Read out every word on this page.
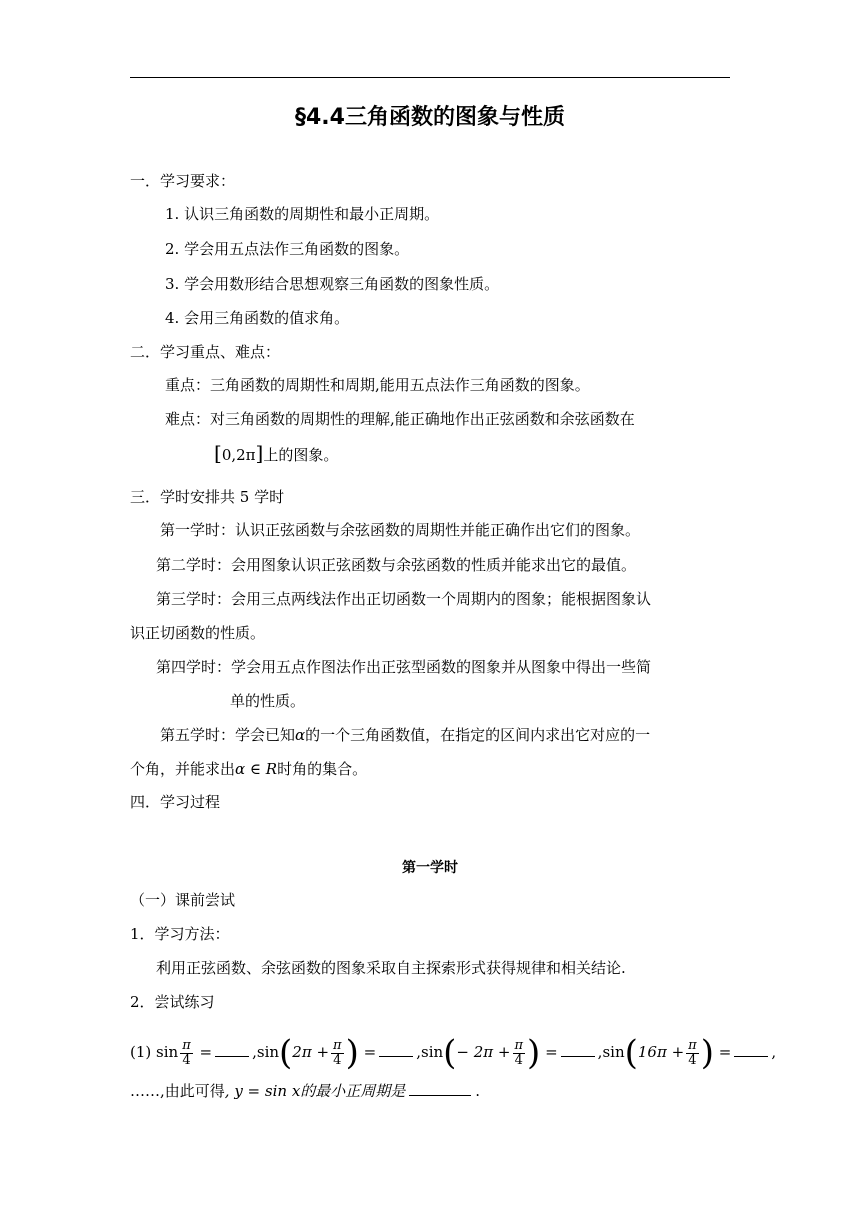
§4.4三角函数的图象与性质
一．学习要求：
1. 认识三角函数的周期性和最小正周期。
2. 学会用五点法作三角函数的图象。
3. 学会用数形结合思想观察三角函数的图象性质。
4. 会用三角函数的值求角。
二．学习重点、难点：
重点：三角函数的周期性和周期,能用五点法作三角函数的图象。
难点：对三角函数的周期性的理解,能正确地作出正弦函数和余弦函数在
[0,2π]上的图象。
三．学时安排共 5 学时
第一学时：认识正弦函数与余弦函数的周期性并能正确作出它们的图象。
第二学时：会用图象认识正弦函数与余弦函数的性质并能求出它的最值。
第三学时：会用三点两线法作出正切函数一个周期内的图象；能根据图象认
识正切函数的性质。
第四学时：学会用五点作图法作出正弦型函数的图象并从图象中得出一些简
单的性质。
第五学时：学会已知α的一个三角函数值，在指定的区间内求出它对应的一
个角，并能求出α ∈ R时角的集合。
四．学习过程
第一学时
（一）课前尝试
1．学习方法：
利用正弦函数、余弦函数的图象采取自主探索形式获得规律和相关结论.
2．尝试练习
(1) $\sin \frac{\pi}{4}$ =	$,\sin(2\pi + \frac{\pi}{4}$ ) =	$,\sin(- 2\pi + \frac{\pi}{4}$ ) =	$,\sin(16\pi + \frac{\pi}{4}$ ) =	,
……,由此可得, y = sin x的最小正周期是	.
